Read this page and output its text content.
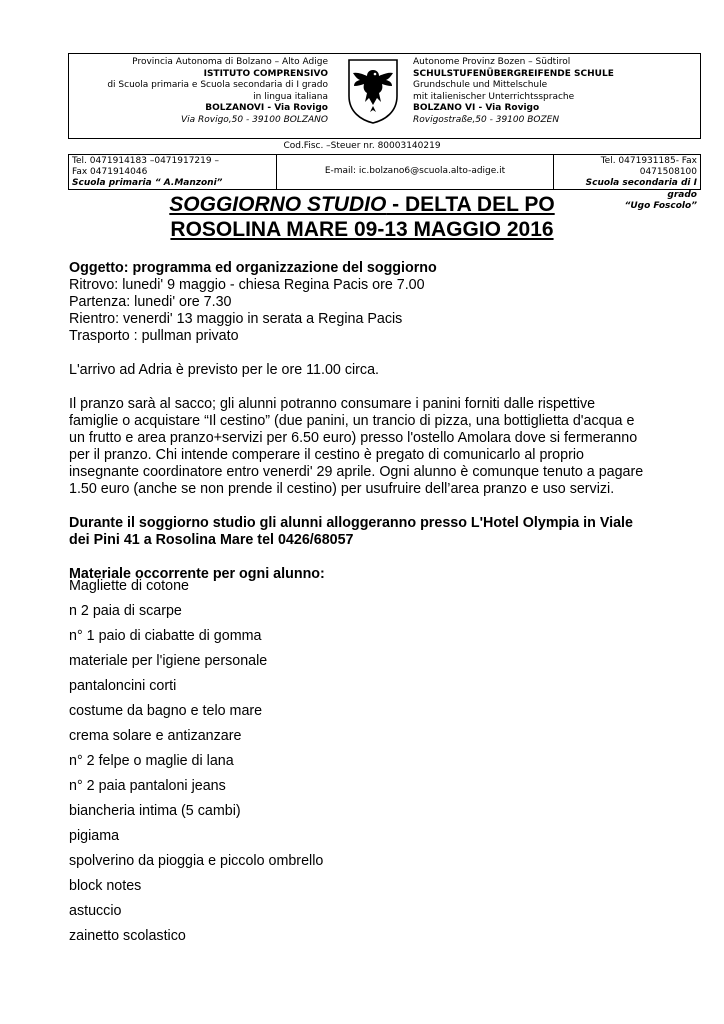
Provincia Autonoma di Bolzano – Alto Adige
ISTITUTO COMPRENSIVO
di Scuola primaria e Scuola secondaria di I grado
in lingua italiana
BOLZANOVI - Via Rovigo
Via Rovigo,50 - 39100 BOLZANO
Autonome Provinz Bozen – Südtirol
SCHULSTUFENÜBERGREIFENDE SCHULE
Grundschule und Mittelschule
mit italienischer Unterrichtssprache
BOLZANO VI - Via Rovigo
Rovigostraße,50 - 39100 BOZEN
Cod.Fisc. –Steuer nr. 80003140219
Tel. 0471914183 –0471917219 –
Fax 0471914046
Scuola primaria “ A.Manzoni”
E-mail: ic.bolzano6@scuola.alto-adige.it
Tel. 0471931185- Fax 0471508100
Scuola secondaria di I grado
“Ugo Foscolo”
SOGGIORNO STUDIO - DELTA DEL PO
ROSOLINA MARE 09-13 MAGGIO 2016

Oggetto: programma ed organizzazione del soggiorno

Ritrovo: lunedi' 9 maggio - chiesa Regina Pacis ore 7.00

Partenza: lunedi' ore 7.30

Rientro: venerdi' 13 maggio in serata a Regina Pacis

Trasporto : pullman privato

L'arrivo ad Adria è previsto per le ore 11.00 circa.

Il pranzo sarà al sacco; gli alunni potranno consumare i panini forniti dalle rispettive

famiglie o acquistare “Il cestino” (due panini, un trancio di pizza, una bottiglietta d'acqua e

un frutto e area pranzo+servizi per 6.50 euro) presso l'ostello Amolara dove si fermeranno

per il pranzo. Chi intende comperare il cestino è pregato di comunicarlo al proprio

insegnante coordinatore entro venerdi' 29 aprile. Ogni alunno è comunque tenuto a pagare

1.50 euro (anche se non prende il cestino) per usufruire dell’area pranzo e uso servizi.

Durante il soggiorno studio gli alunni alloggeranno presso L'Hotel Olympia in Viale

dei Pini 41 a Rosolina Mare tel 0426/68057

Materiale occorrente per ogni alunno:

Magliette di cotone
n 2 paia di scarpe
n° 1 paio di ciabatte di gomma
materiale per l'igiene personale
pantaloncini corti
costume da bagno e telo mare
crema solare e antizanzare
n° 2 felpe o maglie di lana
n° 2 paia pantaloni jeans
biancheria intima (5 cambi)
pigiama
spolverino da pioggia e piccolo ombrello
block notes
astuccio
zainetto scolastico
